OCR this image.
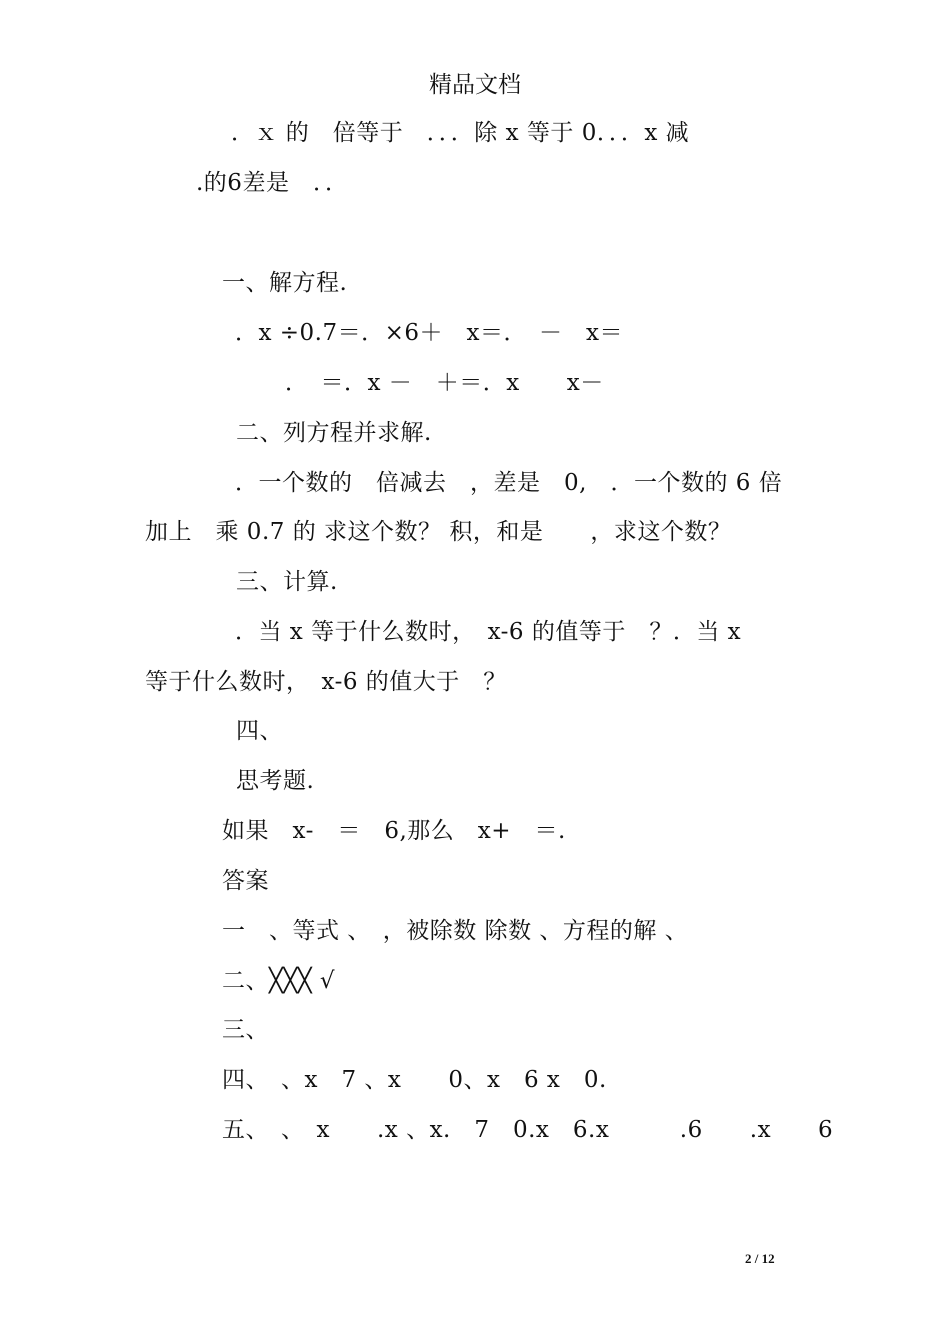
精品文档
．ｘ 的　倍等于　．．．除 x 等于 0．．．x 减
.的6差是　．．
一、解方程.
．x ÷0.7＝．×6＋　x＝．　－　x＝
．　＝．x －　＋＝．x　　x－
二、列方程并求解.
．一个数的　倍减去　，差是　0,　．一个数的 6 倍
加上　乘 0.7 的 求这个数？ 积，和是　　，求这个数？
三、计算.
．当 x 等于什么数时，　x-6 的值等于　？．当 x
等于什么数时，　x-6 的值大于　？
四、
思考题.
如果　x-　＝　6,那么　x+　＝.
答案
一　、等式 、　，被除数 除数 、方程的解 、
二、╳╳╳ √
三、
四、　、x　7 、x　　0、x　6 x　0.
五、　、　x　　.x 、x.　7　0.x　6.x　　　.6　　.x　　6
2 / 12
